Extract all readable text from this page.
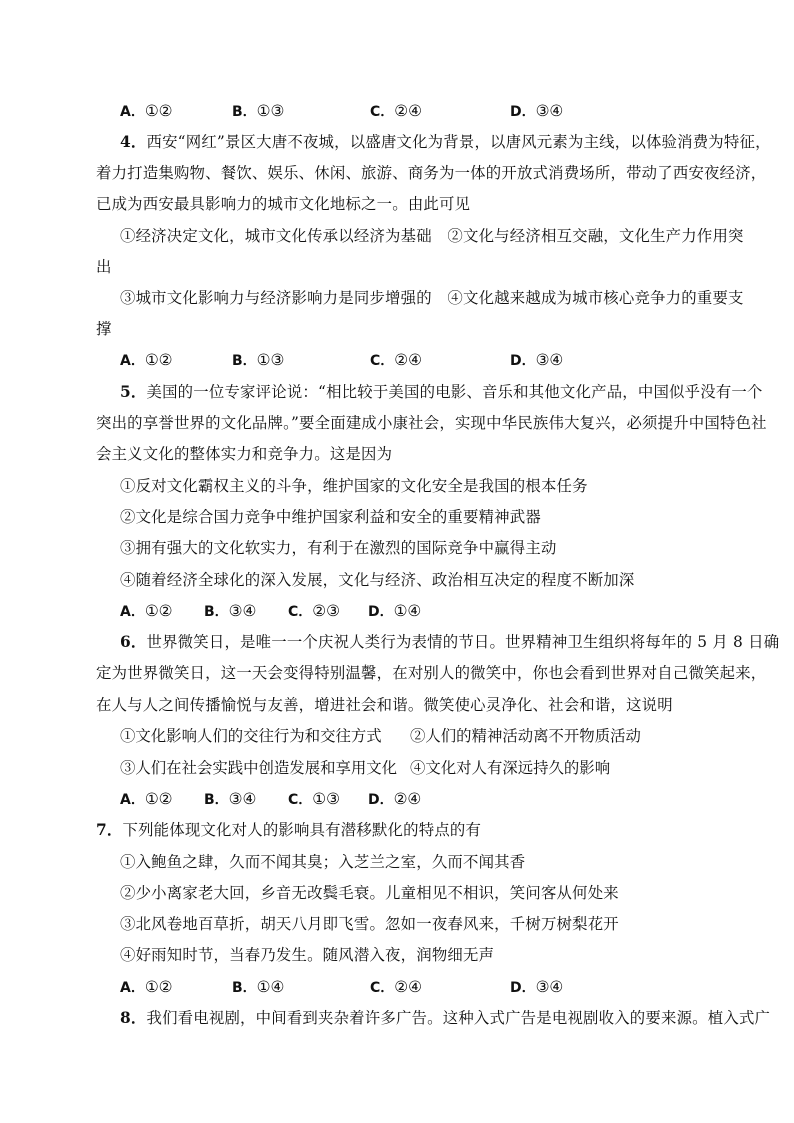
A．①②	B．①③	C．②④	D．③④
4．西安“网红”景区大唐不夜城，以盛唐文化为背景，以唐风元素为主线，以体验消费为特征，
着力打造集购物、餐饮、娱乐、休闲、旅游、商务为一体的开放式消费场所，带动了西安夜经济，
已成为西安最具影响力的城市文化地标之一。由此可见
①经济决定文化，城市文化传承以经济为基础　②文化与经济相互交融，文化生产力作用突
出
③城市文化影响力与经济影响力是同步增强的　④文化越来越成为城市核心竞争力的重要支
撑
A．①②	B．①③	C．②④	D．③④
5．美国的一位专家评论说：“相比较于美国的电影、音乐和其他文化产品，中国似乎没有一个
突出的享誉世界的文化品牌。”要全面建成小康社会，实现中华民族伟大复兴，必须提升中国特色社
会主义文化的整体实力和竞争力。这是因为
①反对文化霸权主义的斗争，维护国家的文化安全是我国的根本任务
②文化是综合国力竞争中维护国家利益和安全的重要精神武器
③拥有强大的文化软实力，有利于在激烈的国际竞争中赢得主动
④随着经济全球化的深入发展，文化与经济、政治相互决定的程度不断加深
A．①② B．③④ C．②③ D．①④
6．世界微笑日，是唯一一个庆祝人类行为表情的节日。世界精神卫生组织将每年的 5 月 8 日确
定为世界微笑日，这一天会变得特别温馨，在对别人的微笑中，你也会看到世界对自己微笑起来，
在人与人之间传播愉悦与友善，增进社会和谐。微笑使心灵净化、社会和谐，这说明
①文化影响人们的交往行为和交往方式 ②人们的精神活动离不开物质活动
③人们在社会实践中创造发展和享用文化 ④文化对人有深远持久的影响
A．①② B．③④ C．①③ D．②④
7．下列能体现文化对人的影响具有潜移默化的特点的有
①入鲍鱼之肆，久而不闻其臭；入芝兰之室，久而不闻其香
②少小离家老大回，乡音无改鬓毛衰。儿童相见不相识，笑问客从何处来
③北风卷地百草折，胡天八月即飞雪。忽如一夜春风来，千树万树梨花开
④好雨知时节，当春乃发生。随风潜入夜，润物细无声
A．①②	B．①④	C．②④	D．③④
8．我们看电视剧，中间看到夹杂着许多广告。这种入式广告是电视剧收入的要来源。植入式广
